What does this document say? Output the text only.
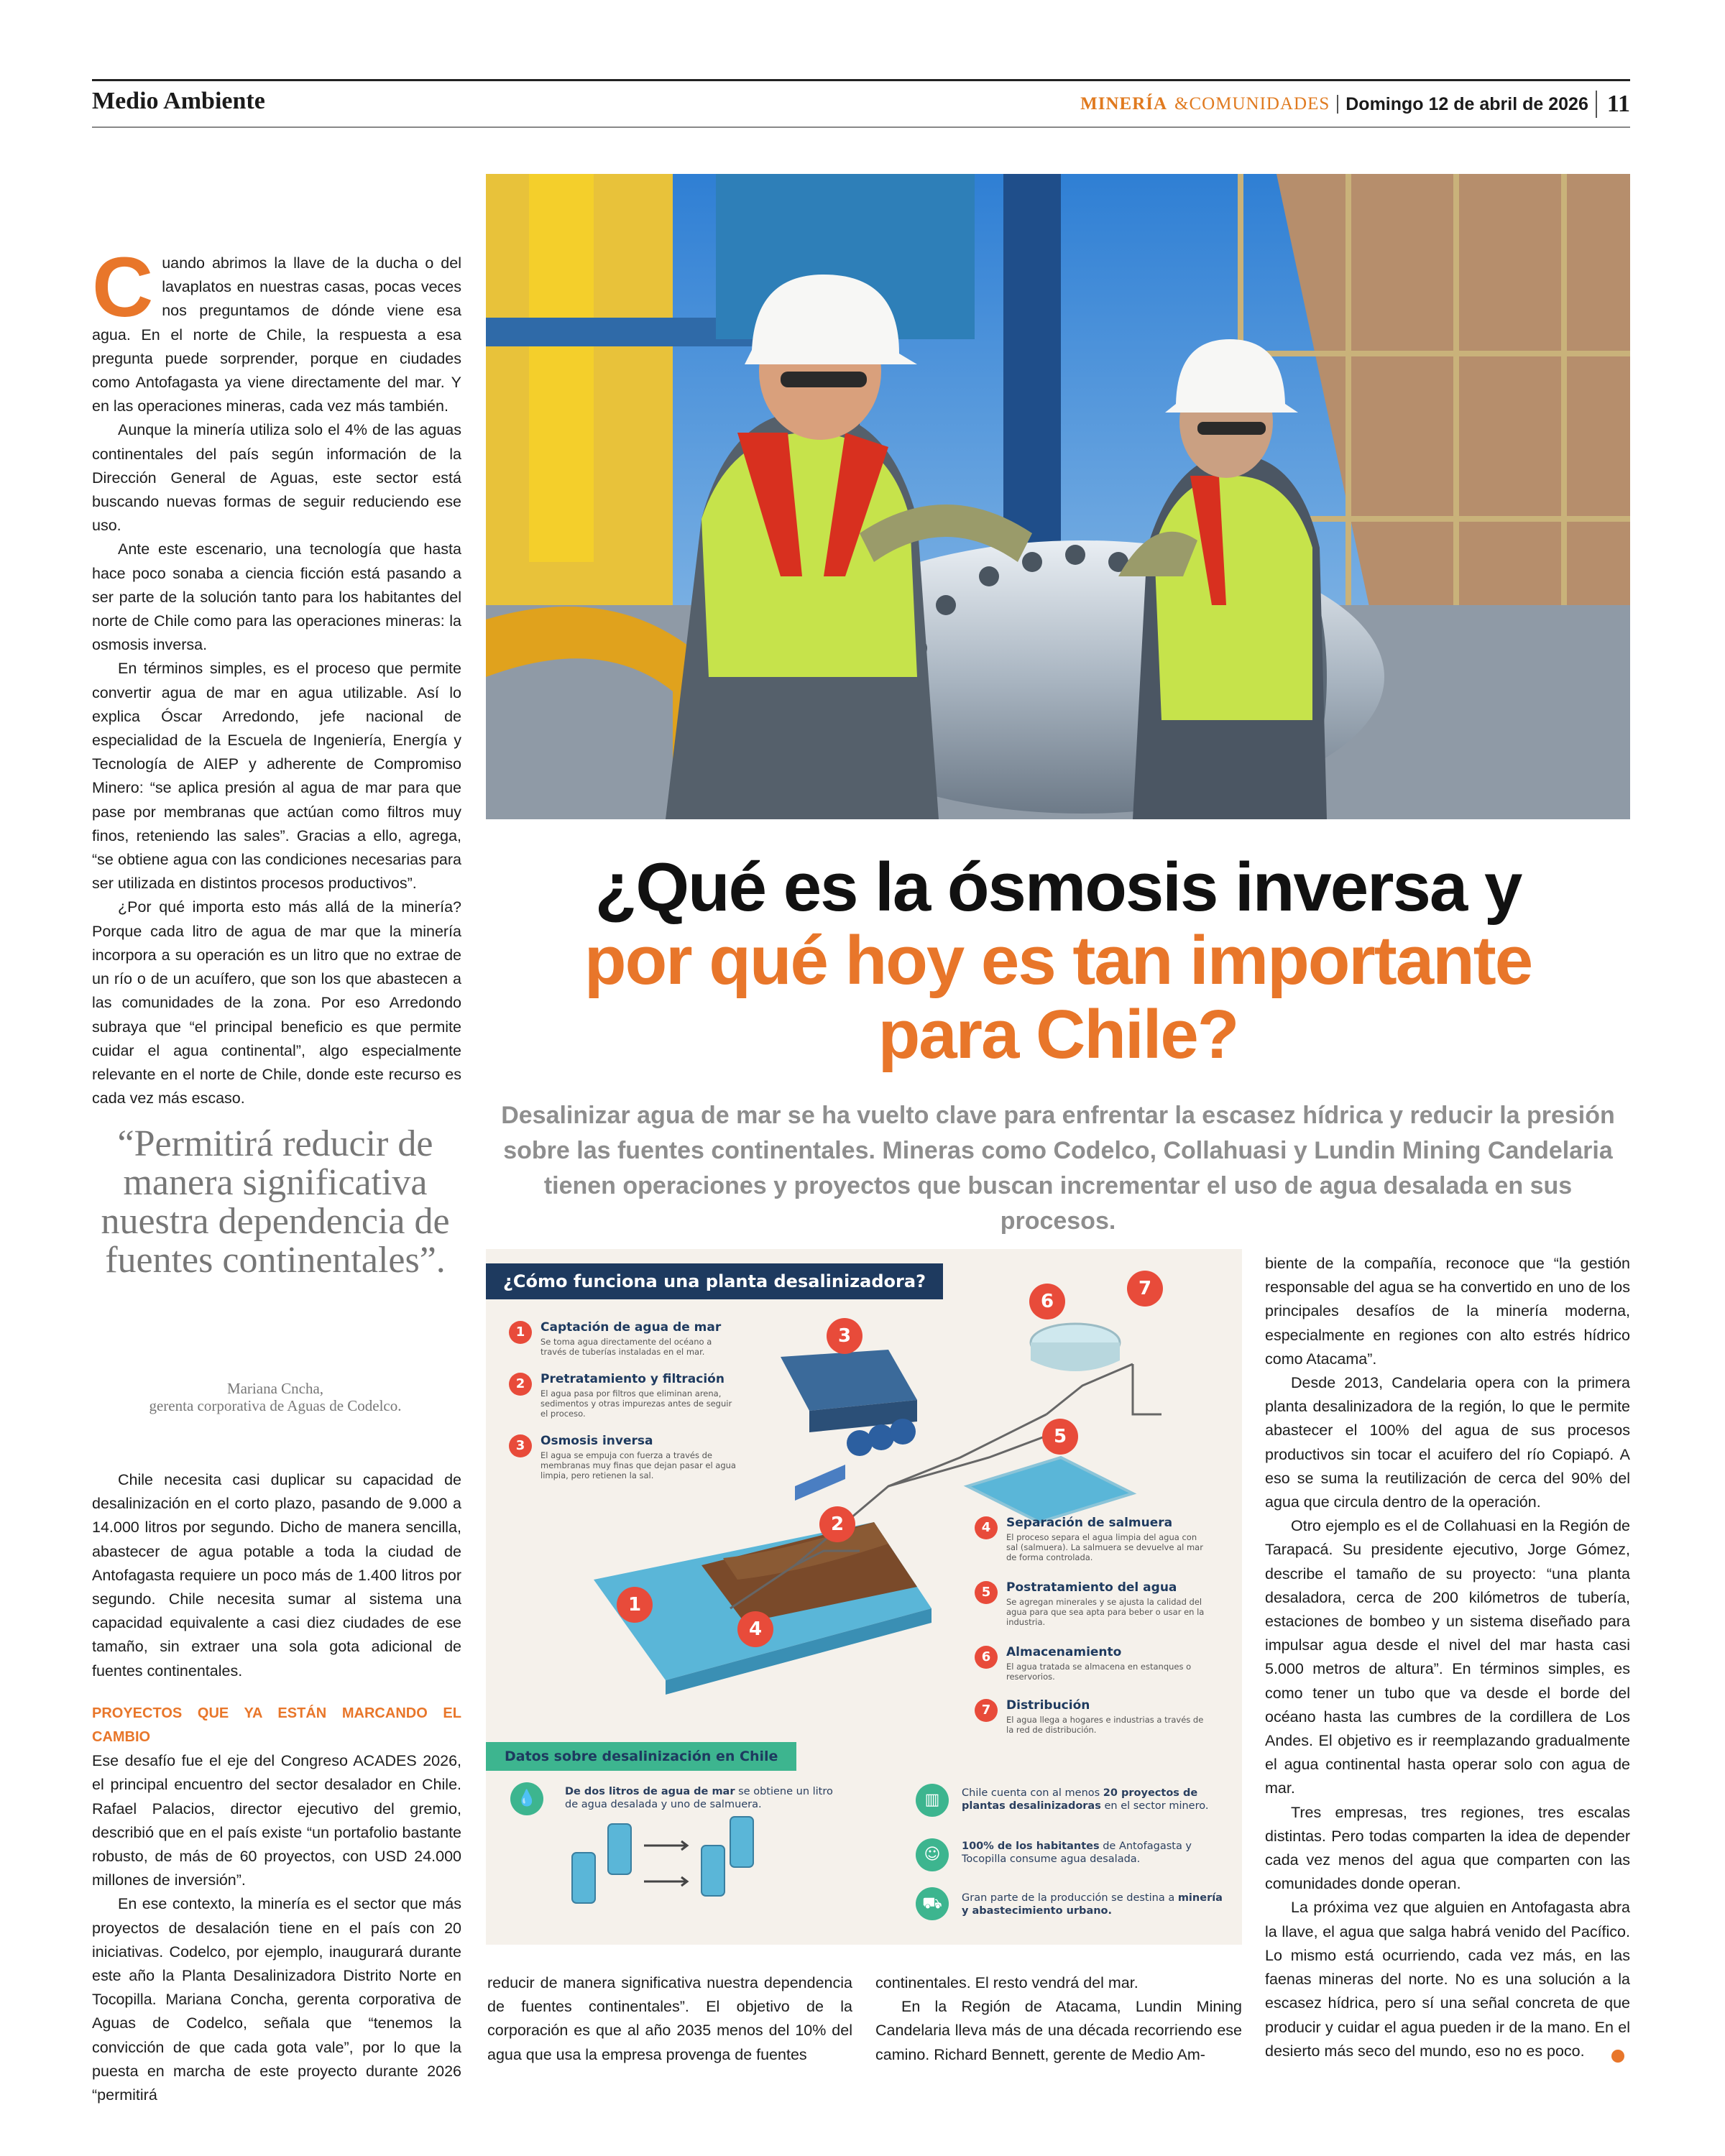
Medio Ambiente	MINERÍA &COMUNIDADES Domingo 12 de abril de 2026 11
C uando abrimos la llave de la ducha o del lavaplatos en nuestras casas, pocas veces nos preguntamos de dónde viene esa agua. En el norte de Chile, la respuesta a esa pregunta puede sorprender, porque en ciudades como Antofagasta ya viene directamente del mar. Y en las operaciones mineras, cada vez más también.

Aunque la minería utiliza solo el 4% de las aguas continentales del país según información de la Dirección General de Aguas, este sector está buscando nuevas formas de seguir reduciendo ese uso.

Ante este escenario, una tecnología que hasta hace poco sonaba a ciencia ficción está pasando a ser parte de la solución tanto para los habitantes del norte de Chile como para las operaciones mineras: la osmosis inversa.

En términos simples, es el proceso que permite convertir agua de mar en agua utilizable. Así lo explica Óscar Arredondo, jefe nacional de especialidad de la Escuela de Ingeniería, Energía y Tecnología de AIEP y adherente de Compromiso Minero: “se aplica presión al agua de mar para que pase por membranas que actúan como filtros muy finos, reteniendo las sales”. Gracias a ello, agrega, “se obtiene agua con las condiciones necesarias para ser utilizada en distintos procesos productivos”.

¿Por qué importa esto más allá de la minería? Porque cada litro de agua de mar que la minería incorpora a su operación es un litro que no extrae de un río o de un acuífero, que son los que abastecen a las comunidades de la zona. Por eso Arredondo subraya que “el principal beneficio es que permite cuidar el agua continental”, algo especialmente relevante en el norte de Chile, donde este recurso es cada vez más escaso.

“Permitirá reducir de manera significativa nuestra dependencia de fuentes continentales”.
Mariana Cncha,
gerenta corporativa de Aguas de Codelco.

Chile necesita casi duplicar su capacidad de desalinización en el corto plazo, pasando de 9.000 a 14.000 litros por segundo. Dicho de manera sencilla, abastecer de agua potable a toda la ciudad de Antofagasta requiere un poco más de 1.400 litros por segundo. Chile necesita sumar al sistema una capacidad equivalente a casi diez ciudades de ese tamaño, sin extraer una sola gota adicional de fuentes continentales.

PROYECTOS QUE YA ESTÁN MARCANDO EL CAMBIO

Ese desafío fue el eje del Congreso ACADES 2026, el principal encuentro del sector desalador en Chile. Rafael Palacios, director ejecutivo del gremio, describió que en el país existe “un portafolio bastante robusto, de más de 60 proyectos, con USD 24.000 millones de inversión”.

En ese contexto, la minería es el sector que más proyectos de desalación tiene en el país con 20 iniciativas. Codelco, por ejemplo, inaugurará durante este año la Planta Desalinizadora Distrito Norte en Tocopilla. Mariana Concha, gerenta corporativa de Aguas de Codelco, señala que “tenemos la convicción de que cada gota vale”, por lo que la puesta en marcha de este proyecto durante 2026 “permitirá

¿Qué es la ósmosis inversa y
por qué hoy es tan importante
para Chile?
Desalinizar agua de mar se ha vuelto clave para enfrentar la escasez hídrica y reducir la presión sobre las fuentes continentales. Mineras como Codelco, Collahuasi y Lundin Mining Candelaria tienen operaciones y proyectos que buscan incrementar el uso de agua desalada en sus procesos.
¿Cómo funciona una planta desalinizadora?
3
2
1
4
5
6
7
1	Captación de agua de mar
Se toma agua directamente del océano a través de tuberías instaladas en el mar.
2	Pretratamiento y filtración
El agua pasa por filtros que eliminan arena, sedimentos y otras impurezas antes de seguir el proceso.
3	Osmosis inversa
El agua se empuja con fuerza a través de membranas muy finas que dejan pasar el agua limpia, pero retienen la sal.
4	Separación de salmuera
El proceso separa el agua limpia del agua con sal (salmuera). La salmuera se devuelve al mar de forma controlada.
5	Postratamiento del agua
Se agregan minerales y se ajusta la calidad del agua para que sea apta para beber o usar en la industria.
6	Almacenamiento
El agua tratada se almacena en estanques o reservorios.
7	Distribución
El agua llega a hogares e industrias a través de la red de distribución.
Datos sobre desalinización en Chile
💧	De dos litros de agua de mar se obtiene un litro de agua desalada y uno de salmuera.	▥	Chile cuenta con al menos 20 proyectos de plantas desalinizadoras en el sector minero.
☺	100% de los habitantes de Antofagasta y Tocopilla consume agua desalada.
⛟	Gran parte de la producción se destina a minería y abastecimiento urbano.

reducir de manera significativa nuestra dependencia de fuentes continentales”. El objetivo de la corporación es que al año 2035 menos del 10% del agua que usa la empresa provenga de fuentes

continentales. El resto vendrá del mar.

En la Región de Atacama, Lundin Mining Candelaria lleva más de una década recorriendo ese camino. Richard Bennett, gerente de Medio Am-

biente de la compañía, reconoce que “la gestión responsable del agua se ha convertido en uno de los principales desafíos de la minería moderna, especialmente en regiones con alto estrés hídrico como Atacama”.

Desde 2013, Candelaria opera con la primera planta desalinizadora de la región, lo que le permite abastecer el 100% del agua de sus procesos productivos sin tocar el acuifero del río Copiapó. A eso se suma la reutilización de cerca del 90% del agua que circula dentro de la operación.

Otro ejemplo es el de Collahuasi en la Región de Tarapacá. Su presidente ejecutivo, Jorge Gómez, describe el tamaño de su proyecto: “una planta desaladora, cerca de 200 kilómetros de tubería, estaciones de bombeo y un sistema diseñado para impulsar agua desde el nivel del mar hasta casi 5.000 metros de altura”. En términos simples, es como tener un tubo que va desde el borde del océano hasta las cumbres de la cordillera de Los Andes. El objetivo es ir reemplazando gradualmente el agua continental hasta operar solo con agua de mar.

Tres empresas, tres regiones, tres escalas distintas. Pero todas comparten la idea de depender cada vez menos del agua que comparten con las comunidades donde operan.

La próxima vez que alguien en Antofagasta abra la llave, el agua que salga habrá venido del Pacífico. Lo mismo está ocurriendo, cada vez más, en las faenas mineras del norte. No es una solución a la escasez hídrica, pero sí una señal concreta de que producir y cuidar el agua pueden ir de la mano. En el desierto más seco del mundo, eso no es poco.
